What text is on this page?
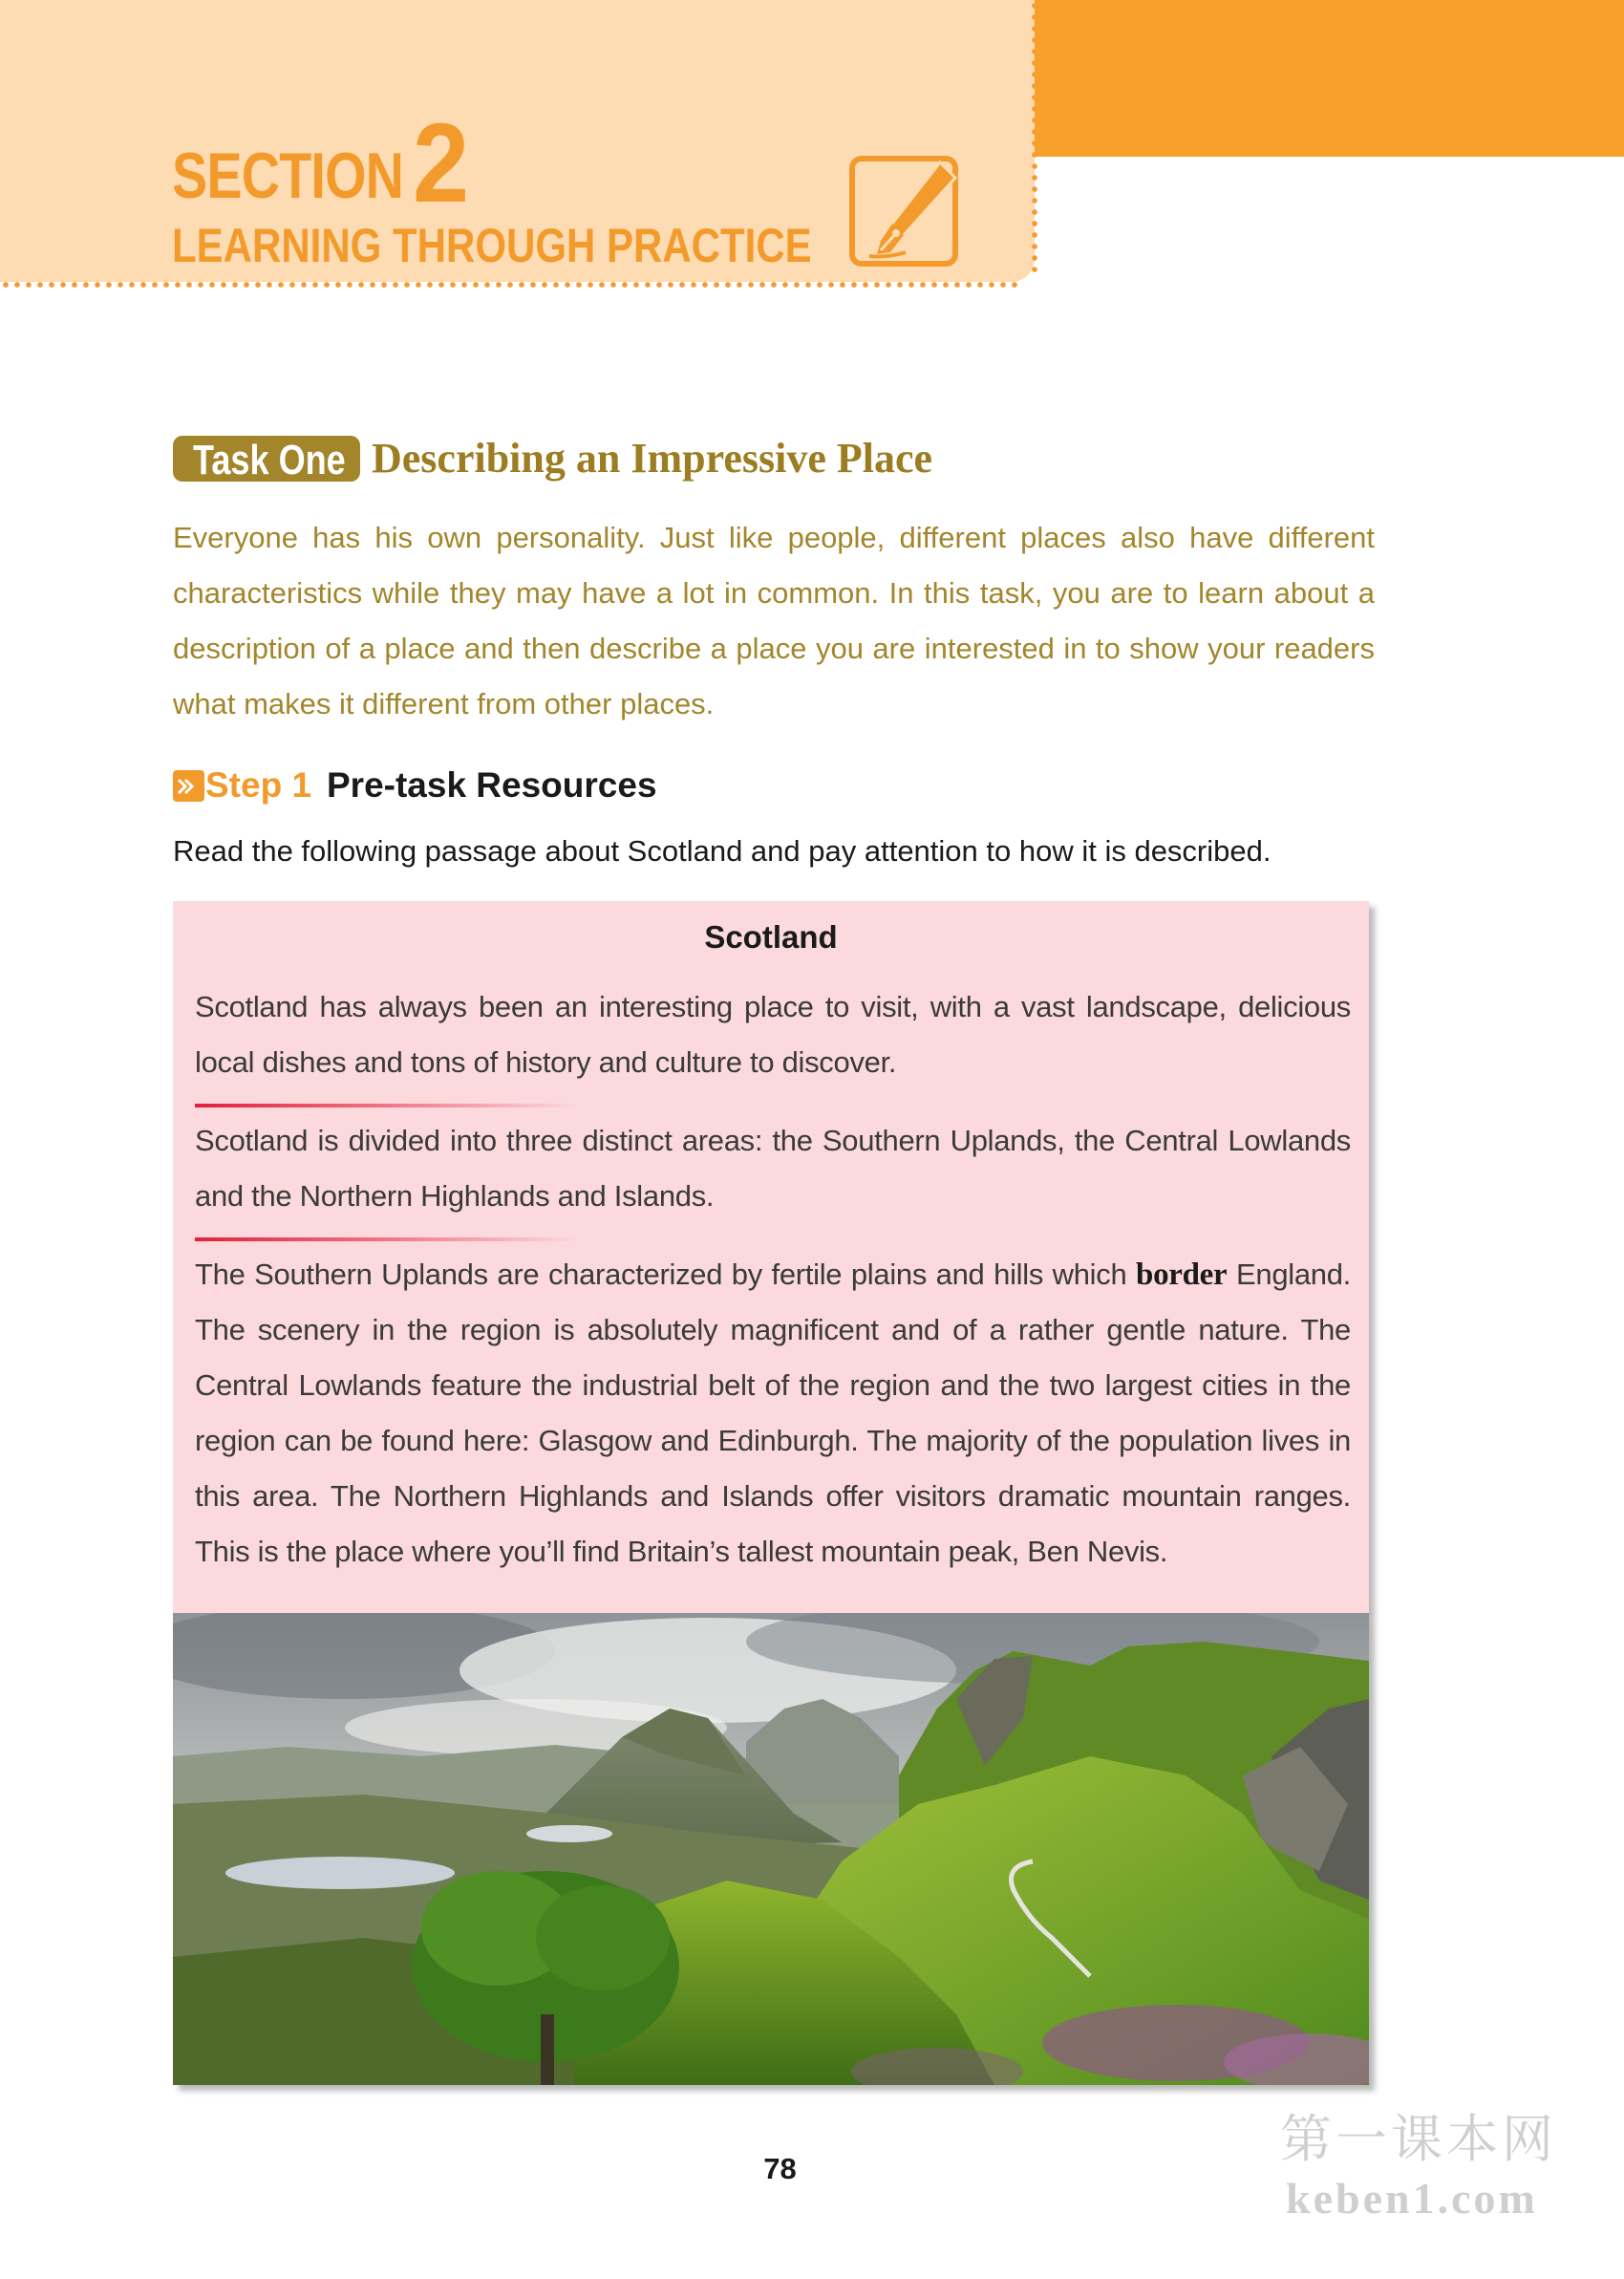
SECTION 2
LEARNING THROUGH PRACTICE
Task One Describing an Impressive Place

Everyone has his own personality. Just like people, different places also have different characteristics while they may have a lot in common. In this task, you are to learn about a description of a place and then describe a place you are interested in to show your readers what makes it different from other places.

Step 1 Pre-task Resources
Read the following passage about Scotland and pay attention to how it is described.
Scotland

Scotland has always been an interesting place to visit, with a vast landscape, delicious local dishes and tons of history and culture to discover.

Scotland is divided into three distinct areas: the Southern Uplands, the Central Lowlands and the Northern Highlands and Islands.

The Southern Uplands are characterized by fertile plains and hills which border England. The scenery in the region is absolutely magnificent and of a rather gentle nature. The Central Lowlands feature the industrial belt of the region and the two largest cities in the region can be found here: Glasgow and Edinburgh. The majority of the population lives in this area. The Northern Highlands and Islands offer visitors dramatic mountain ranges. This is the place where you’ll find Britain’s tallest mountain peak, Ben Nevis.

78	第一课本网
keben1.com
